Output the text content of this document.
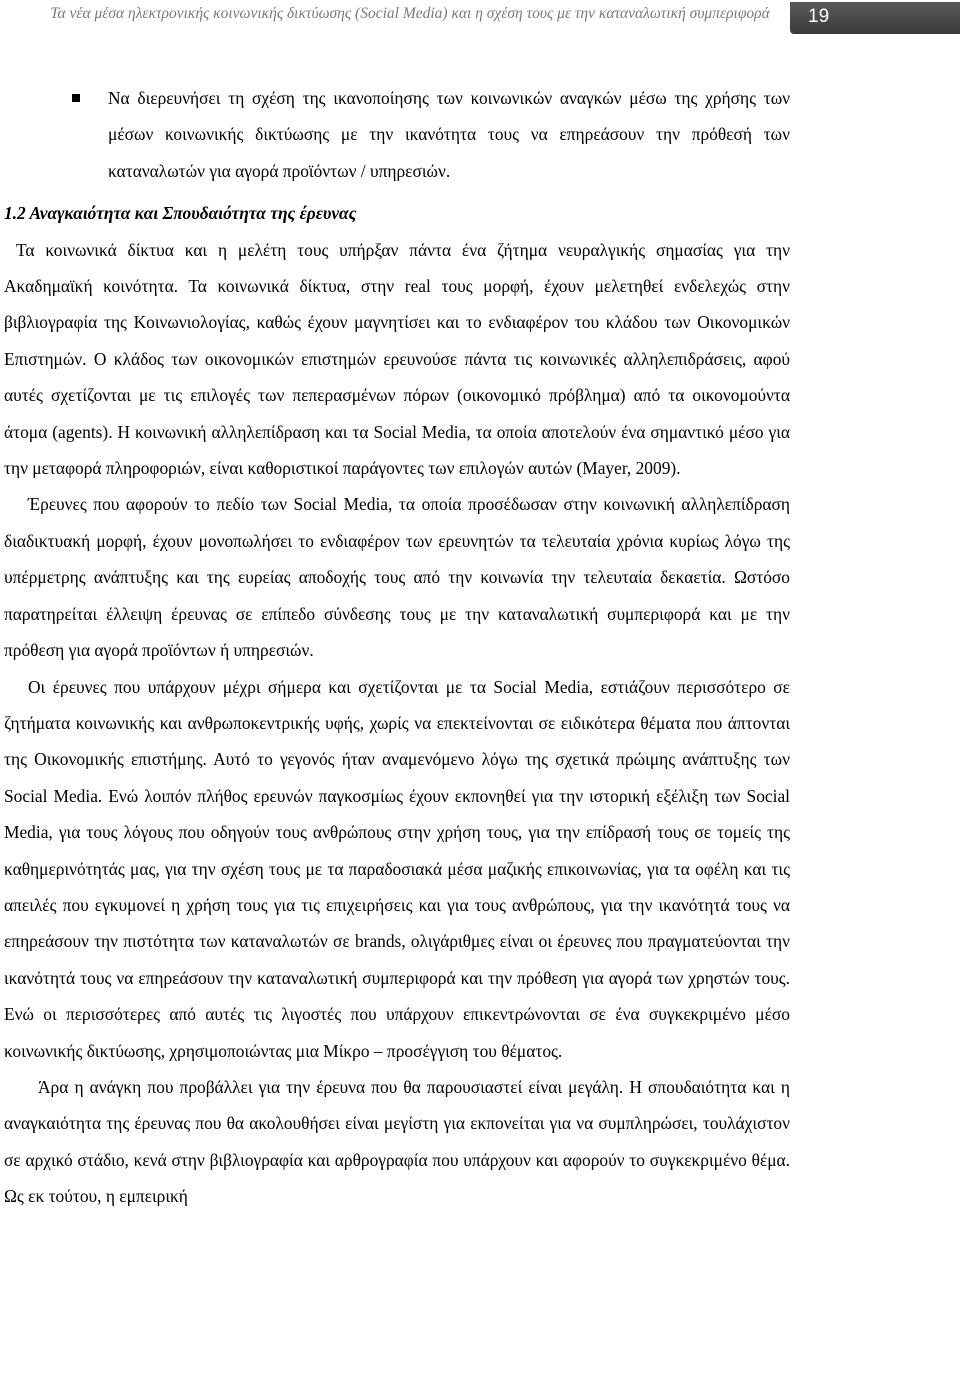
Τα νέα μέσα ηλεκτρονικής κοινωνικής δικτύωσης (Social Media) και η σχέση τους με την καταναλωτική συμπεριφορά	19
Να διερευνήσει τη σχέση της ικανοποίησης των κοινωνικών αναγκών μέσω της χρήσης των μέσων κοινωνικής δικτύωσης με την ικανότητα τους να επηρεάσουν την πρόθεσή των καταναλωτών για αγορά προϊόντων / υπηρεσιών.
1.2 Αναγκαιότητα και Σπουδαιότητα της έρευνας

Τα κοινωνικά δίκτυα και η μελέτη τους υπήρξαν πάντα ένα ζήτημα νευραλγικής σημασίας για την Ακαδημαϊκή κοινότητα. Τα κοινωνικά δίκτυα, στην real τους μορφή, έχουν μελετηθεί ενδελεχώς στην βιβλιογραφία της Κοινωνιολογίας, καθώς έχουν μαγνητίσει και το ενδιαφέρον του κλάδου των Οικονομικών Επιστημών. Ο κλάδος των οικονομικών επιστημών ερευνούσε πάντα τις κοινωνικές αλληλεπιδράσεις, αφού αυτές σχετίζονται με τις επιλογές των πεπερασμένων πόρων (οικονομικό πρόβλημα) από τα οικονομούντα άτομα (agents). Η κοινωνική αλληλεπίδραση και τα Social Media, τα οποία αποτελούν ένα σημαντικό μέσο για την μεταφορά πληροφοριών, είναι καθοριστικοί παράγοντες των επιλογών αυτών (Mayer, 2009).

Έρευνες που αφορούν το πεδίο των Social Media, τα οποία προσέδωσαν στην κοινωνική αλληλεπίδραση διαδικτυακή μορφή, έχουν μονοπωλήσει το ενδιαφέρον των ερευνητών τα τελευταία χρόνια κυρίως λόγω της υπέρμετρης ανάπτυξης και της ευρείας αποδοχής τους από την κοινωνία την τελευταία δεκαετία. Ωστόσο παρατηρείται έλλειψη έρευνας σε επίπεδο σύνδεσης τους με την καταναλωτική συμπεριφορά και με την πρόθεση για αγορά προϊόντων ή υπηρεσιών.

Οι έρευνες που υπάρχουν μέχρι σήμερα και σχετίζονται με τα Social Media, εστιάζουν περισσότερο σε ζητήματα κοινωνικής και ανθρωποκεντρικής υφής, χωρίς να επεκτείνονται σε ειδικότερα θέματα που άπτονται της Οικονομικής επιστήμης. Αυτό το γεγονός ήταν αναμενόμενο λόγω της σχετικά πρώιμης ανάπτυξης των Social Media. Ενώ λοιπόν πλήθος ερευνών παγκοσμίως έχουν εκπονηθεί για την ιστορική εξέλιξη των Social Media, για τους λόγους που οδηγούν τους ανθρώπους στην χρήση τους, για την επίδρασή τους σε τομείς της καθημερινότητάς μας, για την σχέση τους με τα παραδοσιακά μέσα μαζικής επικοινωνίας, για τα οφέλη και τις απειλές που εγκυμονεί η χρήση τους για τις επιχειρήσεις και για τους ανθρώπους, για την ικανότητά τους να επηρεάσουν την πιστότητα των καταναλωτών σε brands, ολιγάριθμες είναι οι έρευνες που πραγματεύονται την ικανότητά τους να επηρεάσουν την καταναλωτική συμπεριφορά και την πρόθεση για αγορά των χρηστών τους. Ενώ οι περισσότερες από αυτές τις λιγοστές που υπάρχουν επικεντρώνονται σε ένα συγκεκριμένο μέσο κοινωνικής δικτύωσης, χρησιμοποιώντας μια Μίκρο – προσέγγιση του θέματος.

Άρα η ανάγκη που προβάλλει για την έρευνα που θα παρουσιαστεί είναι μεγάλη. Η σπουδαιότητα και η αναγκαιότητα της έρευνας που θα ακολουθήσει είναι μεγίστη για εκπονείται για να συμπληρώσει, τουλάχιστον σε αρχικό στάδιο, κενά στην βιβλιογραφία και αρθρογραφία που υπάρχουν και αφορούν το συγκεκριμένο θέμα. Ως εκ τούτου, η εμπειρική
